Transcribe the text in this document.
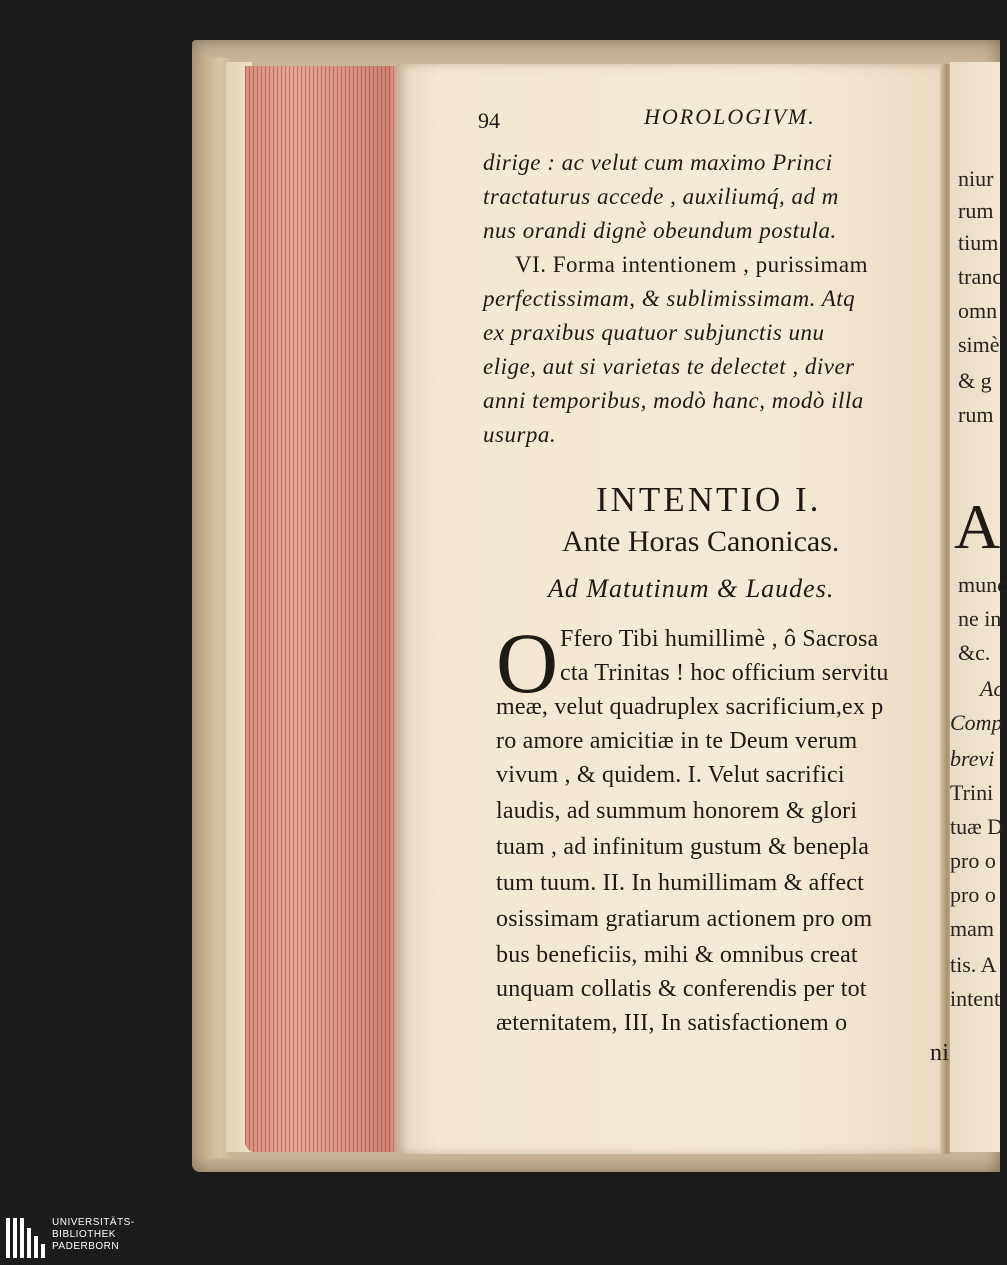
94	HOROLOGIVM.
dirige : ac velut cum maximo Princi
tractaturus accede , auxiliumq́, ad m
nus orandi dignè obeundum postula.
VI. Forma intentionem , purissimam
perfectissimam, & sublimissimam. Atq
ex praxibus quatuor subjunctis unu
elige, aut si varietas te delectet , diver
anni temporibus, modò hanc, modò illa
usurpa.
INTENTIO I.
Ante Horas Canonicas.
Ad Matutinum & Laudes.
O Ffero Tibi humillimè , ô Sacrosa
cta Trinitas ! hoc officium servitu
meæ, velut quadruplex sacrificium,ex p
ro amore amicitiæ in te Deum verum
vivum , & quidem. I. Velut sacrifici
laudis, ad summum honorem & glori
tuam , ad infinitum gustum & benepla
tum tuum. II. In humillimam & affect
osissimam gratiarum actionem pro om
bus beneficiis, mihi & omnibus creat
unquam collatis & conferendis per tot
æternitatem, III, In satisfactionem o
ni
niur
rum
tium
tranc
omn
simè
& g
rum
A
munc
ne in
&c.
Ac
Comp
brevi
Trini
tuæ D
pro o
pro o
mam
tis. A
intent
UNIVERSITÄTS-
BIBLIOTHEK
PADERBORN
